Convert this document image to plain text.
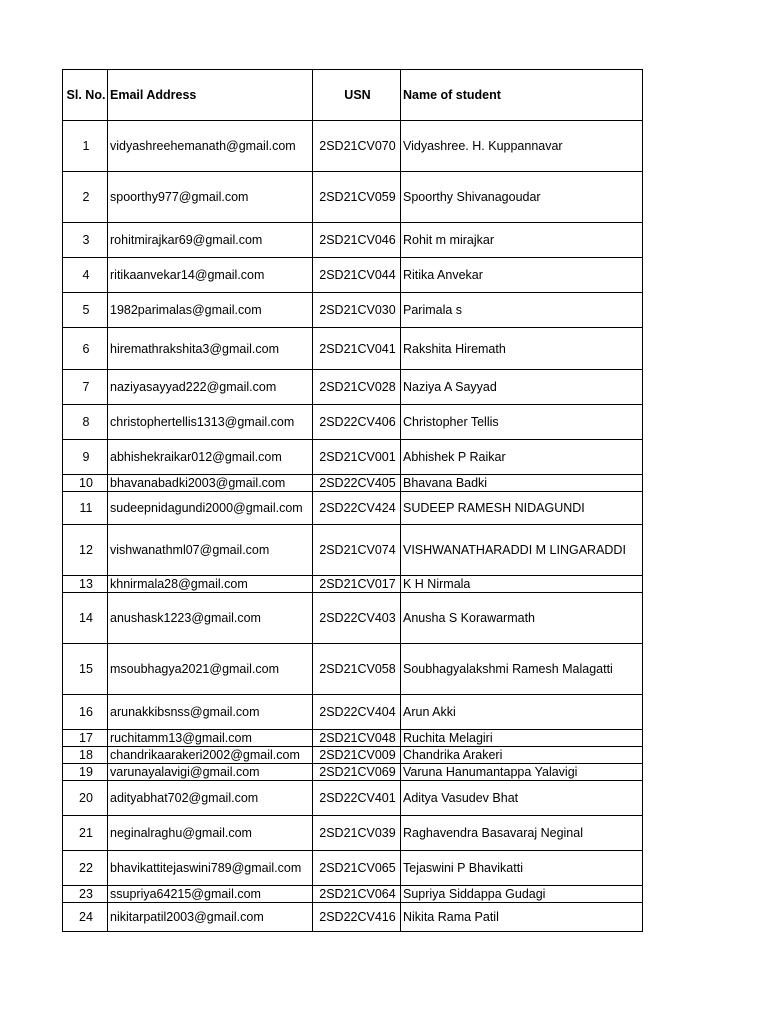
Sl. No.	Email Address	USN	Name of student
1	vidyashreehemanath@gmail.com	2SD21CV070	Vidyashree. H. Kuppannavar
2	spoorthy977@gmail.com	2SD21CV059	Spoorthy Shivanagoudar
3	rohitmirajkar69@gmail.com	2SD21CV046	Rohit m mirajkar
4	ritikaanvekar14@gmail.com	2SD21CV044	Ritika Anvekar
5	1982parimalas@gmail.com	2SD21CV030	Parimala s
6	hiremathrakshita3@gmail.com	2SD21CV041	Rakshita Hiremath
7	naziyasayyad222@gmail.com	2SD21CV028	Naziya A Sayyad
8	christophertellis1313@gmail.com	2SD22CV406	Christopher Tellis
9	abhishekraikar012@gmail.com	2SD21CV001	Abhishek P Raikar
10	bhavanabadki2003@gmail.com	2SD22CV405	Bhavana Badki
11	sudeepnidagundi2000@gmail.com	2SD22CV424	SUDEEP RAMESH NIDAGUNDI
12	vishwanathml07@gmail.com	2SD21CV074	VISHWANATHARADDI M LINGARADDI
13	khnirmala28@gmail.com	2SD21CV017	K H Nirmala
14	anushask1223@gmail.com	2SD22CV403	Anusha S Korawarmath
15	msoubhagya2021@gmail.com	2SD21CV058	Soubhagyalakshmi Ramesh Malagatti
16	arunakkibsnss@gmail.com	2SD22CV404	Arun Akki
17	ruchitamm13@gmail.com	2SD21CV048	Ruchita Melagiri
18	chandrikaarakeri2002@gmail.com	2SD21CV009	Chandrika Arakeri
19	varunayalavigi@gmail.com	2SD21CV069	Varuna Hanumantappa Yalavigi
20	adityabhat702@gmail.com	2SD22CV401	Aditya Vasudev Bhat
21	neginalraghu@gmail.com	2SD21CV039	Raghavendra Basavaraj Neginal
22	bhavikattitejaswini789@gmail.com	2SD21CV065	Tejaswini P Bhavikatti
23	ssupriya64215@gmail.com	2SD21CV064	Supriya Siddappa Gudagi
24	nikitarpatil2003@gmail.com	2SD22CV416	Nikita Rama Patil
